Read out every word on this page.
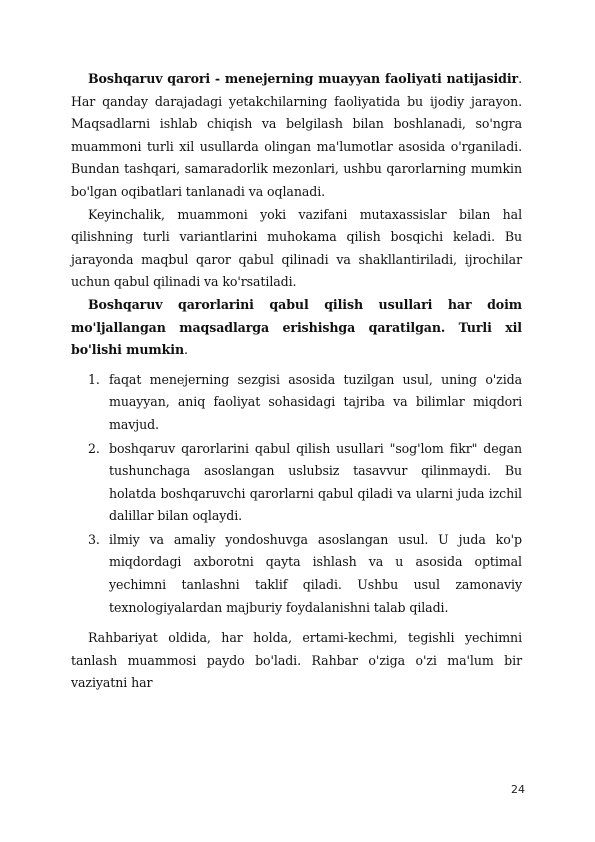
Boshqaruv qarori - menejerning muayyan faoliyati natijasidir. Har qanday darajadagi yetakchilarning faoliyatida bu ijodiy jarayon. Maqsadlarni ishlab chiqish va belgilash bilan boshlanadi, so'ngra muammoni turli xil usullarda olingan ma'lumotlar asosida o'rganiladi. Bundan tashqari, samaradorlik mezonlari, ushbu qarorlarning mumkin bo'lgan oqibatlari tanlanadi va oqlanadi.

Keyinchalik, muammoni yoki vazifani mutaxassislar bilan hal qilishning turli variantlarini muhokama qilish bosqichi keladi. Bu jarayonda maqbul qaror qabul qilinadi va shakllantiriladi, ijrochilar uchun qabul qilinadi va ko'rsatiladi.

Boshqaruv qarorlarini qabul qilish usullari har doim mo'ljallangan maqsadlarga erishishga qaratilgan. Turli xil bo'lishi mumkin.

1. faqat menejerning sezgisi asosida tuzilgan usul, uning o'zida muayyan, aniq faoliyat sohasidagi tajriba va bilimlar miqdori mavjud.
2. boshqaruv qarorlarini qabul qilish usullari "sog'lom fikr" degan tushunchaga asoslangan uslubsiz tasavvur qilinmaydi. Bu holatda boshqaruvchi qarorlarni qabul qiladi va ularni juda izchil dalillar bilan oqlaydi.
3. ilmiy va amaliy yondoshuvga asoslangan usul. U juda ko'p miqdordagi axborotni qayta ishlash va u asosida optimal yechimni tanlashni taklif qiladi. Ushbu usul zamonaviy texnologiyalardan majburiy foydalanishni talab qiladi.

Rahbariyat oldida, har holda, ertami-kechmi, tegishli yechimni tanlash muammosi paydo bo'ladi. Rahbar o'ziga o'zi ma'lum bir vaziyatni har

24
